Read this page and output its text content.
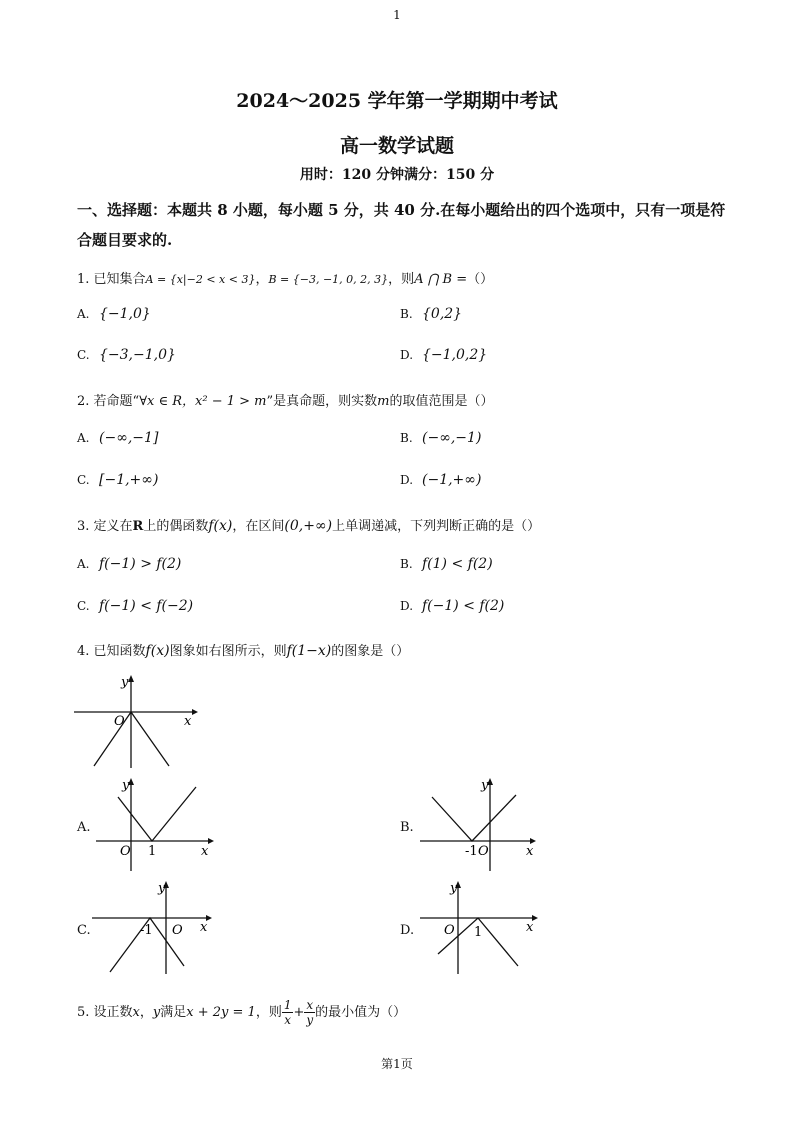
1
2024～2025 学年第一学期期中考试
高一数学试题
用时：120 分钟满分：150 分
一、选择题：本题共 8 小题，每小题 5 分，共 40 分.在每小题给出的四个选项中，只有一项是符合题目要求的.
1. 已知集合A = {x|−2 < x < 3}，B = {−3, −1, 0, 2, 3}，则A ⋂ B =（）
A. {−1,0}	B. {0,2}
C. {−3,−1,0}	D. {−1,0,2}
2. 若命题“∀x ∈ R，x² − 1 > m”是真命题，则实数m的取值范围是（）
A. (−∞,−1]	B. (−∞,−1)
C. [−1,+∞)	D. (−1,+∞)
3. 定义在R上的偶函数f(x)，在区间(0,+∞)上单调递减，下列判断正确的是（）
A. f(−1) > f(2)	B. f(1) < f(2)
C. f(−1) < f(−2)	D. f(−1) < f(2)
4. 已知函数f(x)图象如右图所示，则f(1−x)的图象是（）
y
x
O
A.
y
x
O 1
B.
y
x
-1 O
C.
y
x
-1 O	D.
y
x
O 1
5. 设正数x，y满足x + 2y = 1，则 $\frac{1}{x} + \frac{x}{y}$ 的最小值为（）
第1页
